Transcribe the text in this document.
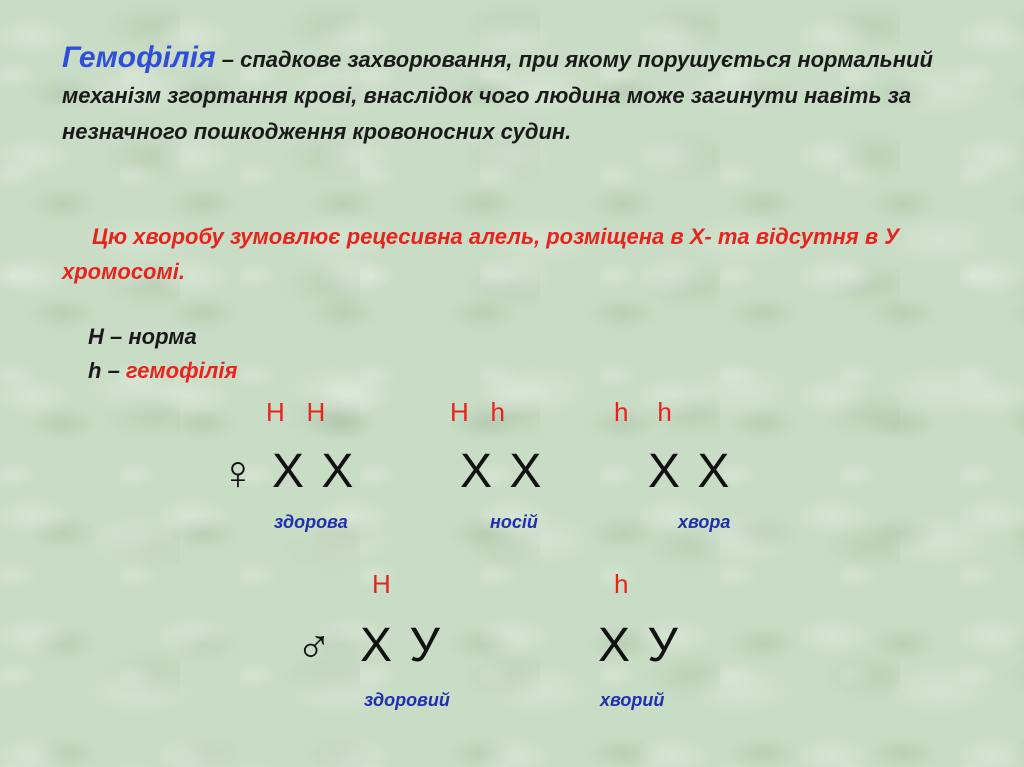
Гемофілія – спадкове захворювання, при якому порушується нормальний механізм згортання крові, внаслідок чого людина може загинути навіть за незначного пошкодження кровоносних судин.
Цю хворобу зумовлює рецесивна алель, розміщена в Х- та відсутня в У хромосомі.
Н – норма
h – гемофілія
♀
Н   Н
Х Х
здорова
Н   h
Х Х
носій
h    h
Х Х
хвора
♂
Н
Х У
здоровий
h
Х У
хворий
